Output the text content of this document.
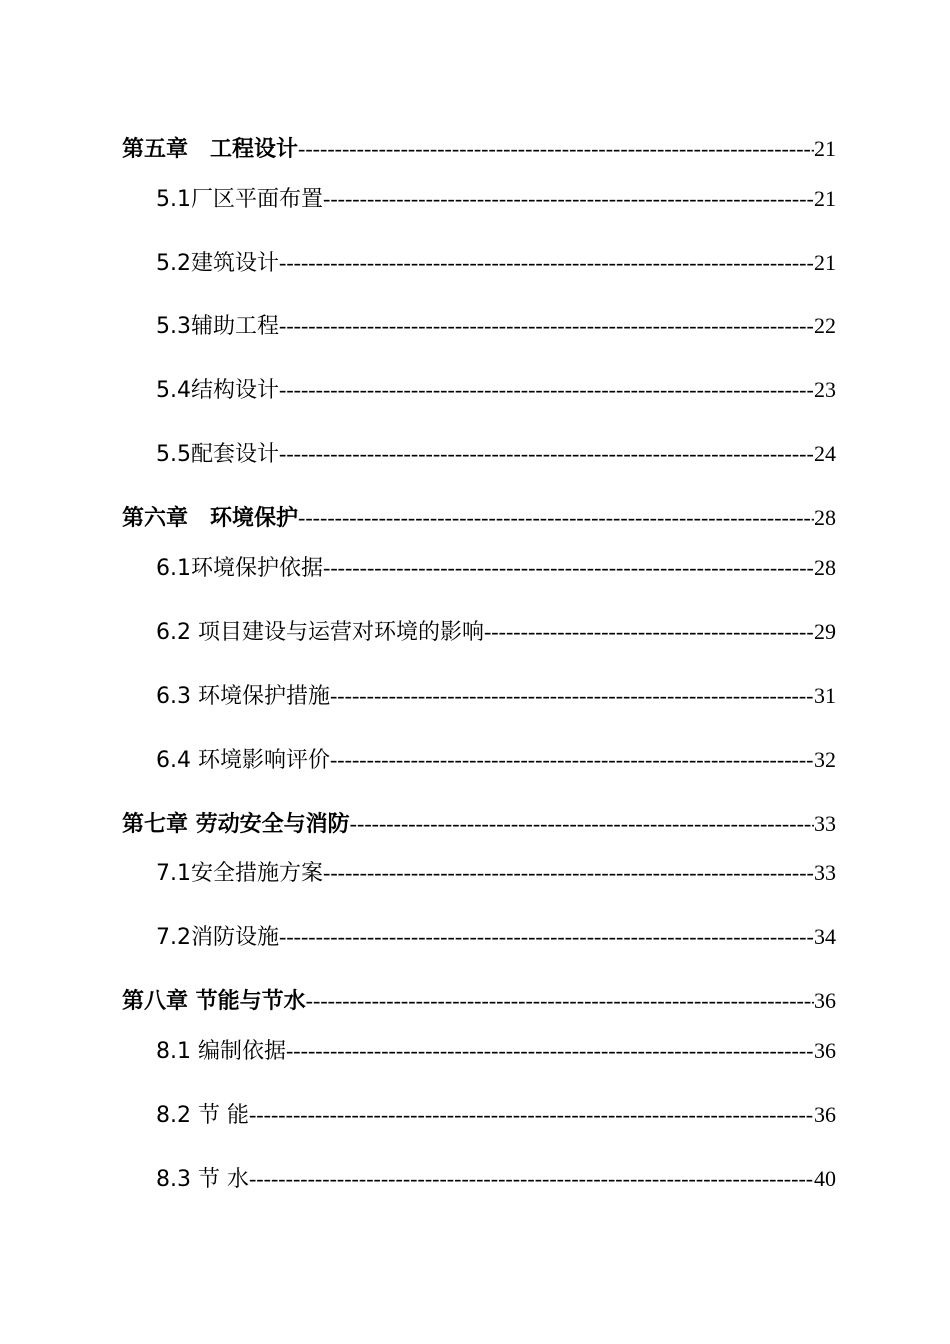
第五章　工程设计 -----	21
5.1厂区平面布置 -----	21
5.2建筑设计 -----	21
5.3辅助工程 -----	22
5.4结构设计 -----	23
5.5配套设计 -----	24
第六章　环境保护 -----	28
6.1环境保护依据 -----	28
6.2 项目建设与运营对环境的影响 -----	29
6.3 环境保护措施 -----	31
6.4 环境影响评价 -----	32
第七章 劳动安全与消防 -----	33
7.1安全措施方案 -----	33
7.2消防设施 -----	34
第八章 节能与节水 -----	36
8.1 编制依据 -----	36
8.2 节 能 -----	36
8.3 节 水 -----	40
